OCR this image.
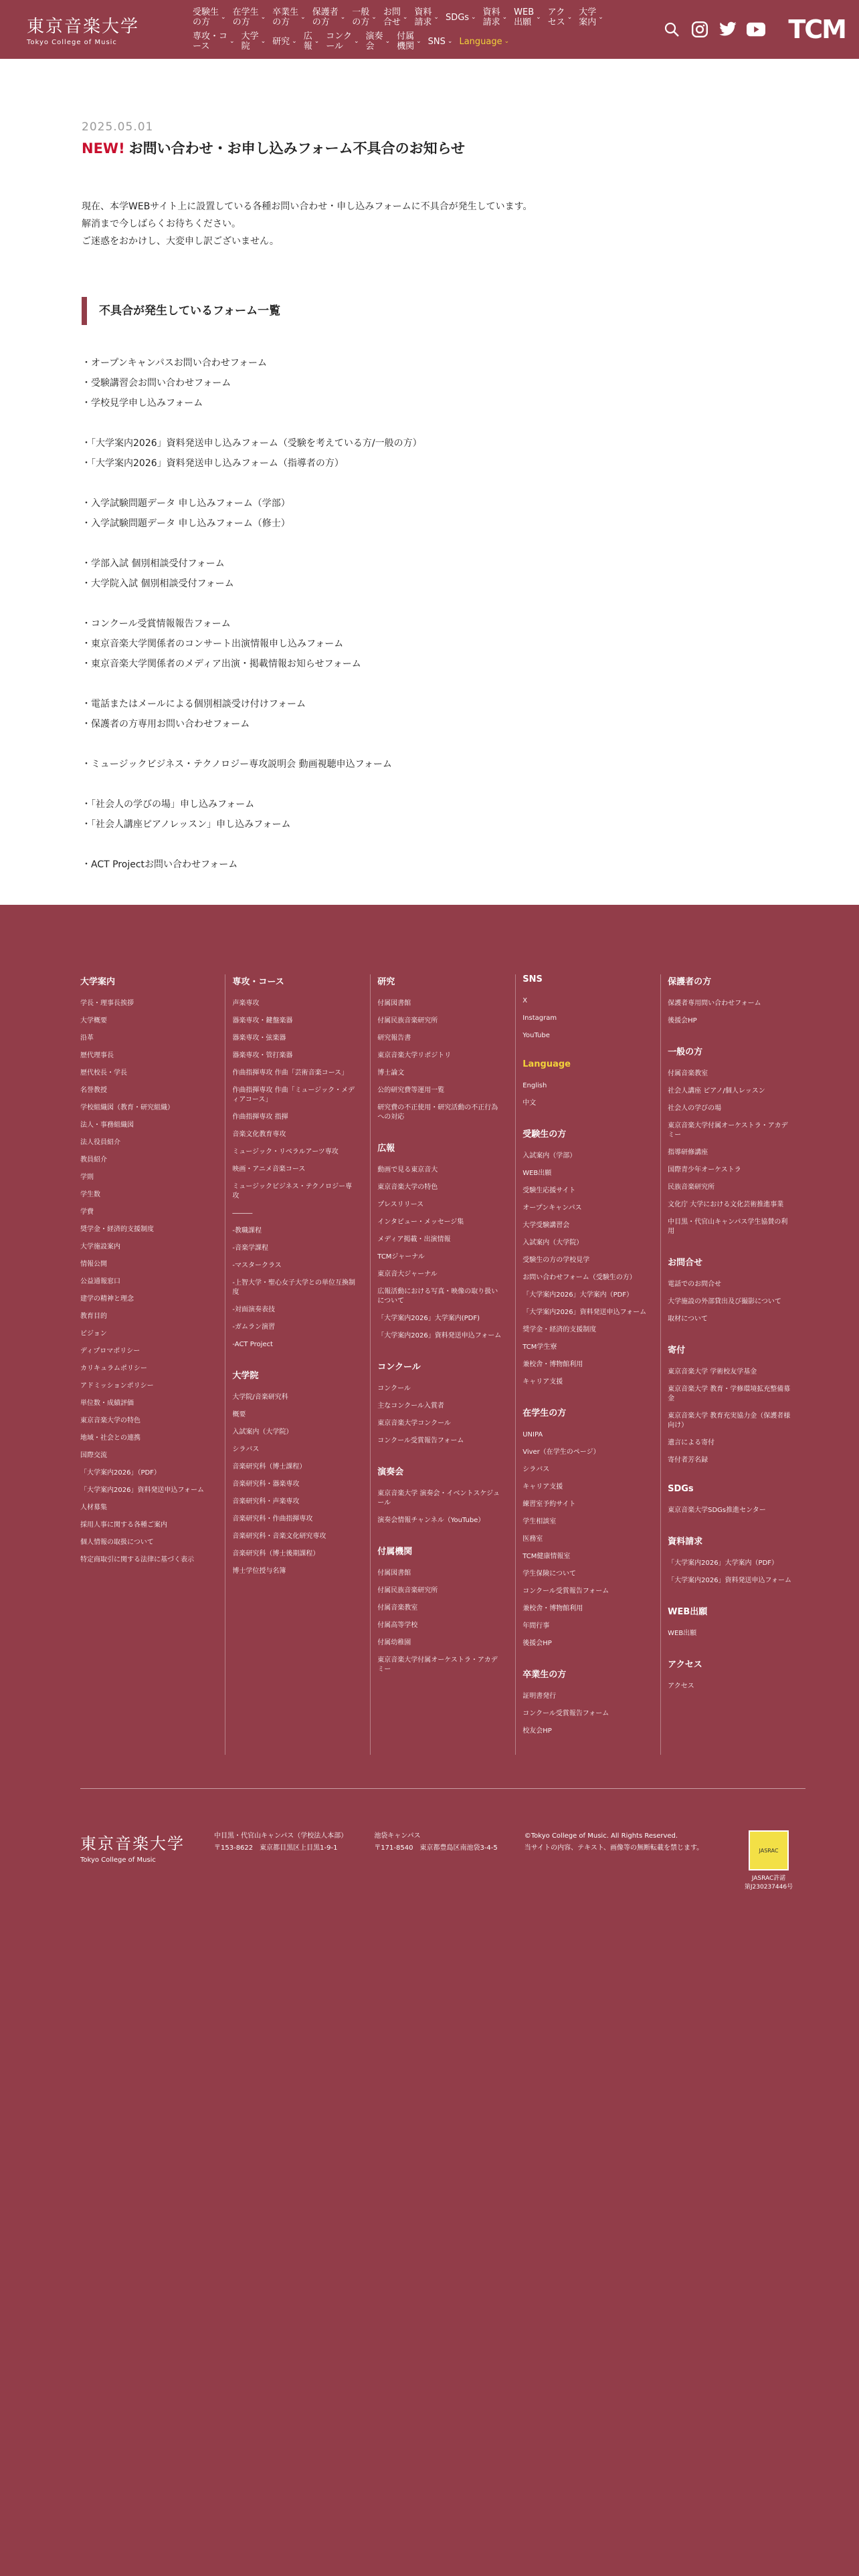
東京音楽大学
Tokyo College of Music
受験生
の方
⌄ 在学生
の方
⌄ 卒業生
の方
⌄ 保護者
の方
⌄ 一般
の方
⌄ お問
合せ
⌄ 資料
請求
⌄ SDGs ⌄ 資料
請求
⌄ WEB
出願
⌄ アク
セス
⌄ 大学
案内
⌄
専攻・コ
ース
⌄ 大学
院
⌄ 研究 ⌄ 広
報
⌄ コンク
ール
⌄ 演奏
会
⌄ 付属
機関
⌄ SNS ⌄ Language ⌄	TCM
2025.05.01
NEW! お問い合わせ・お申し込みフォーム不具合のお知らせ

現在、本学WEBサイト上に設置している各種お問い合わせ・申し込みフォームに不具合が発生しています。

解消まで今しばらくお待ちください。

ご迷惑をおかけし、大変申し訳ございません。

不具合が発生しているフォーム一覧

・オープンキャンパスお問い合わせフォーム

・受験講習会お問い合わせフォーム

・学校見学申し込みフォーム

・「大学案内2026」資料発送申し込みフォーム（受験を考えている方/一般の方）

・「大学案内2026」資料発送申し込みフォーム（指導者の方）

・入学試験問題データ 申し込みフォーム（学部）

・入学試験問題データ 申し込みフォーム（修士）

・学部入試 個別相談受付フォーム

・大学院入試 個別相談受付フォーム

・コンクール受賞情報報告フォーム

・東京音楽大学関係者のコンサート出演情報申し込みフォーム

・東京音楽大学関係者のメディア出演・掲載情報お知らせフォーム

・電話またはメールによる個別相談受け付けフォーム

・保護者の方専用お問い合わせフォーム

・ミュージックビジネス・テクノロジー専攻説明会 動画視聴申込フォーム

・「社会人の学びの場」申し込みフォーム

・「社会人講座ピアノレッスン」申し込みフォーム

・ACT Projectお問い合わせフォーム

大学案内
学長・理事長挨拶
大学概要
沿革
歴代理事長
歴代校長・学長
名誉教授
学校組織図（教育・研究組織）
法人・事務組織図
法人役員紹介
教員紹介
学則
学生数
学費
奨学金・経済的支援制度
大学施設案内
情報公開
公益通報窓口
建学の精神と理念
教育目的
ビジョン
ディプロマポリシー
カリキュラムポリシー
アドミッションポリシー
単位数・成績評価
東京音楽大学の特色
地域・社会との連携
国際交流
「大学案内2026」（PDF）
「大学案内2026」資料発送申込フォーム
人材募集
採用人事に関する各種ご案内
個人情報の取扱について
特定商取引に関する法律に基づく表示
専攻・コース
声楽専攻
器楽専攻・鍵盤楽器
器楽専攻・弦楽器
器楽専攻・管打楽器
作曲指揮専攻 作曲「芸術音楽コース」
作曲指揮専攻 作曲「ミュージック・メディアコース」
作曲指揮専攻 指揮
音楽文化教育専攻
ミュージック・リベラルアーツ専攻
映画・アニメ音楽コース
ミュージックビジネス・テクノロジー専攻
―――
-教職課程
-音楽学課程
-マスタークラス
-上智大学・聖心女子大学との単位互換制度
-対面演奏表技
-ガムラン演習
-ACT Project
大学院
大学院/音楽研究科
概要
入試案内（大学院）
シラバス
音楽研究科（博士課程）
音楽研究科・器楽専攻
音楽研究科・声楽専攻
音楽研究科・作曲指揮専攻
音楽研究科・音楽文化研究専攻
音楽研究科（博士後期課程）
博士学位授与名簿
研究
付属図書館
付属民族音楽研究所
研究報告書
東京音楽大学リポジトリ
博士論文
公的研究費等運用一覧
研究費の不正使用・研究活動の不正行為への対応
広報
動画で見る東京音大
東京音楽大学の特色
プレスリリース
インタビュー・メッセージ集
メディア掲載・出演情報
TCMジャーナル
東京音大ジャーナル
広報活動における写真・映像の取り扱いについて
「大学案内2026」大学案内(PDF)
「大学案内2026」資料発送申込フォーム
コンクール
コンクール
主なコンクール入賞者
東京音楽大学コンクール
コンクール受賞報告フォーム
演奏会
東京音楽大学 演奏会・イベントスケジュール
演奏会情報チャンネル（YouTube）
付属機関
付属図書館
付属民族音楽研究所
付属音楽教室
付属高等学校
付属幼稚園
東京音楽大学付属オーケストラ・アカデミー
SNS
X
Instagram
YouTube
Language
English
中文
受験生の方
入試案内（学部）
WEB出願
受験生応援サイト
オープンキャンパス
大学受験講習会
入試案内（大学院）
受験生の方の学校見学
お問い合わせフォーム（受験生の方）
「大学案内2026」大学案内（PDF）
「大学案内2026」資料発送申込フォーム
奨学金・経済的支援制度
TCM学生寮
兼校舎・博物館利用
キャリア支援
在学生の方
UNIPA
Viver（在学生のページ）
シラバス
キャリア支援
練習室予約サイト
学生相談室
医務室
TCM健康情報室
学生保険について
コンクール受賞報告フォーム
兼校舎・博物館利用
年間行事
後援会HP
卒業生の方
証明書発行
コンクール受賞報告フォーム
校友会HP
保護者の方
保護者専用問い合わせフォーム
後援会HP
一般の方
付属音楽教室
社会人講座 ピアノ/個人レッスン
社会人の学びの場
東京音楽大学付属オーケストラ・アカデミー
指導研修講座
国際青少年オーケストラ
民族音楽研究所
文化庁 大学における文化芸術推進事業
中目黒・代官山キャンパス学生協賛の利用
お問合せ
電話でのお問合せ
大学施設の外部貸出及び撮影について
取材について
寄付
東京音楽大学 学術校友学基金
東京音楽大学 教育・学修環境拡充整備募金
東京音楽大学 教育充実協力金（保護者様向け）
遺言による寄付
寄付者芳名録
SDGs
東京音楽大学SDGs推進センター
資料請求
「大学案内2026」大学案内（PDF）
「大学案内2026」資料発送申込フォーム
WEB出願
WEB出願
アクセス
アクセス
東京音楽大学
Tokyo College of Music
中目黒・代官山キャンパス（学校法人本部）
〒153-8622　東京都目黒区上目黒1-9-1
池袋キャンパス
〒171-8540　東京都豊島区南池袋3-4-5
©Tokyo College of Music. All Rights Reserved.
当サイトの内容、テキスト、画像等の無断転載を禁じます。	JASRAC
JASRAC許諾
第J230237446号
